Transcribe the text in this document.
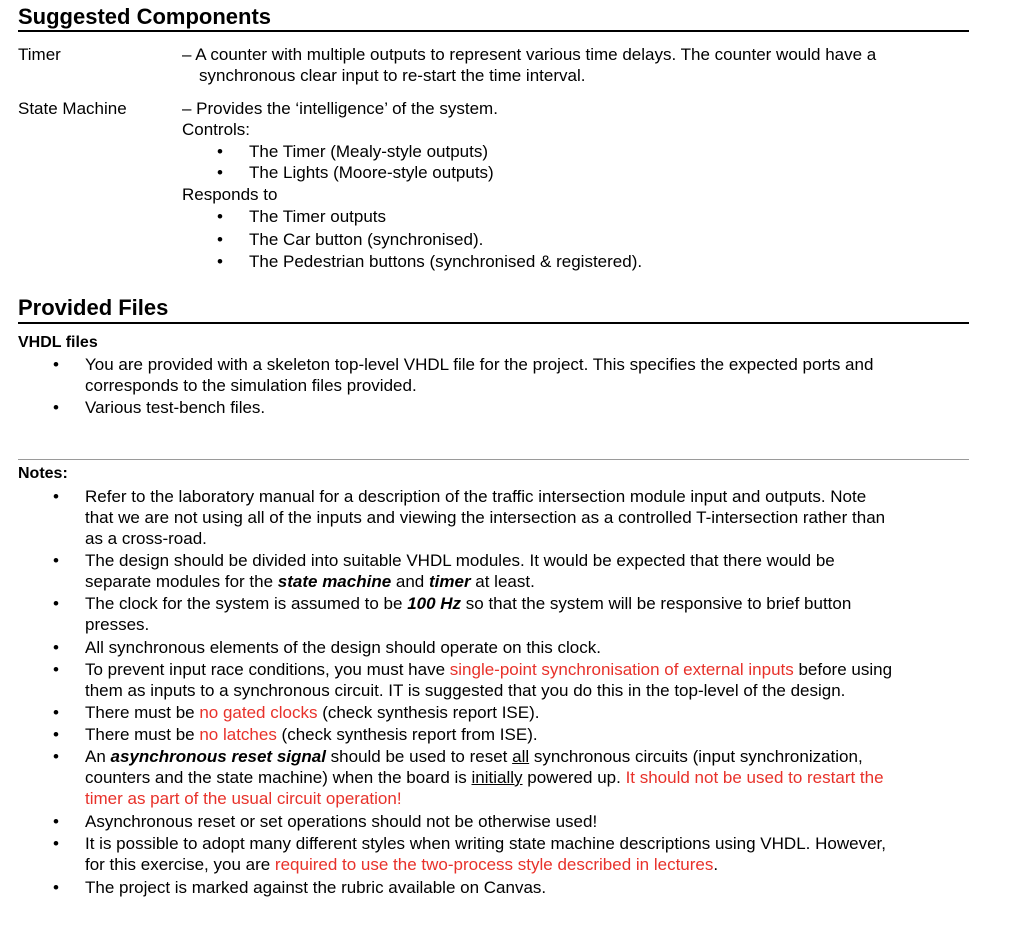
Suggested Components
Timer	– A counter with multiple outputs to represent various time delays. The counter would have a
synchronous clear input to re-start the time interval.
State Machine	– Provides the ‘intelligence’ of the system.
Controls:
• The Timer (Mealy-style outputs)
• The Lights (Moore-style outputs)
Responds to
• The Timer outputs
• The Car button (synchronised).
• The Pedestrian buttons (synchronised & registered).
Provided Files
VHDL files
• You are provided with a skeleton top-level VHDL file for the project. This specifies the expected ports and
corresponds to the simulation files provided.
• Various test-bench files.
Notes:
• Refer to the laboratory manual for a description of the traffic intersection module input and outputs. Note
that we are not using all of the inputs and viewing the intersection as a controlled T-intersection rather than
as a cross-road.
• The design should be divided into suitable VHDL modules. It would be expected that there would be
separate modules for the state machine and timer at least.
• The clock for the system is assumed to be 100 Hz so that the system will be responsive to brief button
presses.
• All synchronous elements of the design should operate on this clock.
• To prevent input race conditions, you must have single-point synchronisation of external inputs before using
them as inputs to a synchronous circuit. IT is suggested that you do this in the top-level of the design.
• There must be no gated clocks (check synthesis report ISE).
• There must be no latches (check synthesis report from ISE).
• An asynchronous reset signal should be used to reset all synchronous circuits (input synchronization,
counters and the state machine) when the board is initially powered up. It should not be used to restart the
timer as part of the usual circuit operation!
• Asynchronous reset or set operations should not be otherwise used!
• It is possible to adopt many different styles when writing state machine descriptions using VHDL. However,
for this exercise, you are required to use the two-process style described in lectures.
• The project is marked against the rubric available on Canvas.
